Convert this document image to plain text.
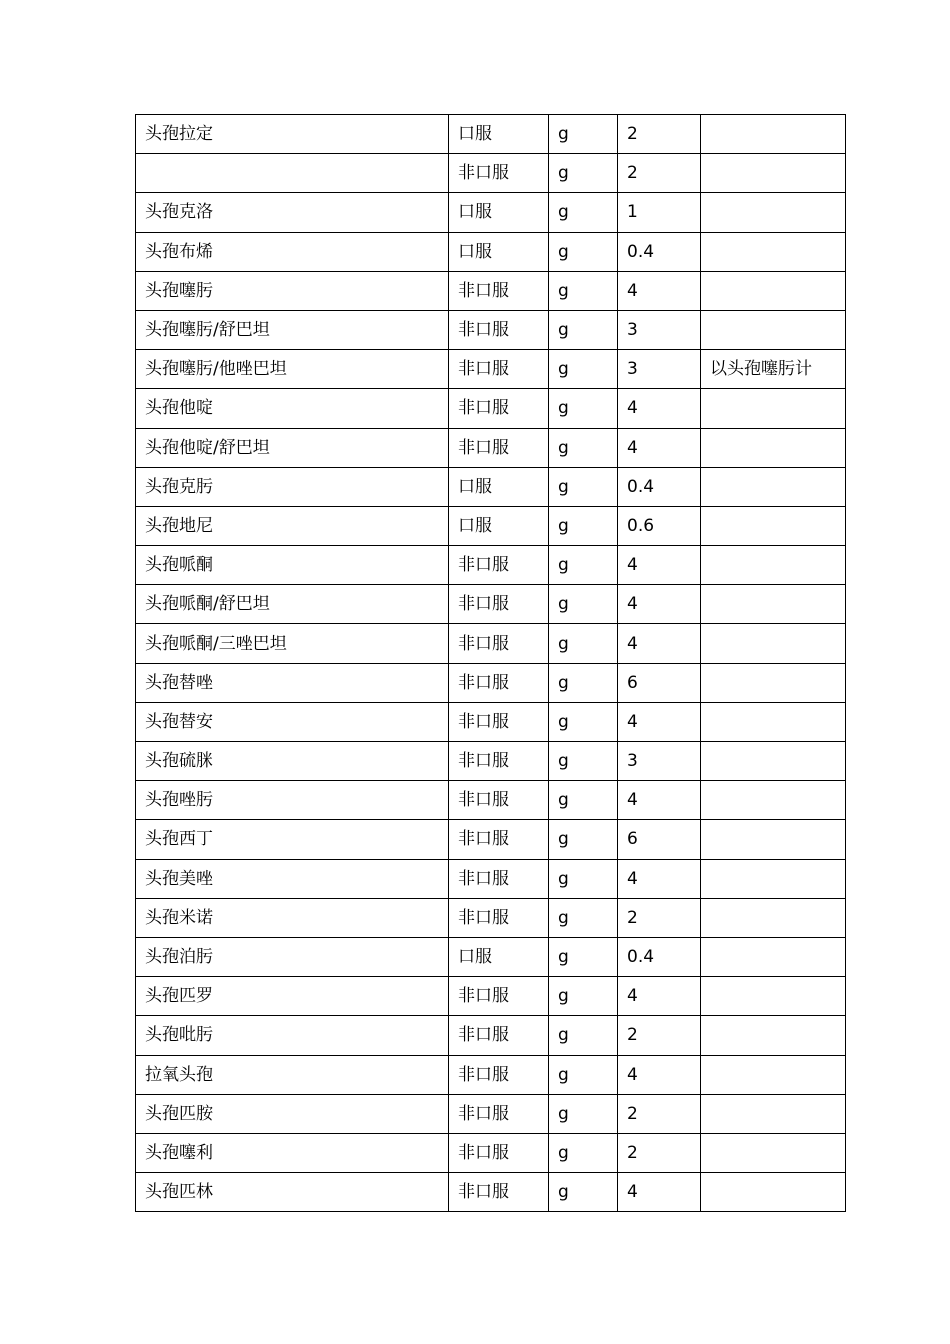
头孢拉定	口服	g	2	
	非口服	g	2	
头孢克洛	口服	g	1	
头孢布烯	口服	g	0.4	
头孢噻肟	非口服	g	4	
头孢噻肟/舒巴坦	非口服	g	3	
头孢噻肟/他唑巴坦	非口服	g	3	以头孢噻肟计
头孢他啶	非口服	g	4	
头孢他啶/舒巴坦	非口服	g	4	
头孢克肟	口服	g	0.4	
头孢地尼	口服	g	0.6	
头孢哌酮	非口服	g	4	
头孢哌酮/舒巴坦	非口服	g	4	
头孢哌酮/三唑巴坦	非口服	g	4	
头孢替唑	非口服	g	6	
头孢替安	非口服	g	4	
头孢硫脒	非口服	g	3	
头孢唑肟	非口服	g	4	
头孢西丁	非口服	g	6	
头孢美唑	非口服	g	4	
头孢米诺	非口服	g	2	
头孢泊肟	口服	g	0.4	
头孢匹罗	非口服	g	4	
头孢吡肟	非口服	g	2	
拉氧头孢	非口服	g	4	
头孢匹胺	非口服	g	2	
头孢噻利	非口服	g	2	
头孢匹林	非口服	g	4	
